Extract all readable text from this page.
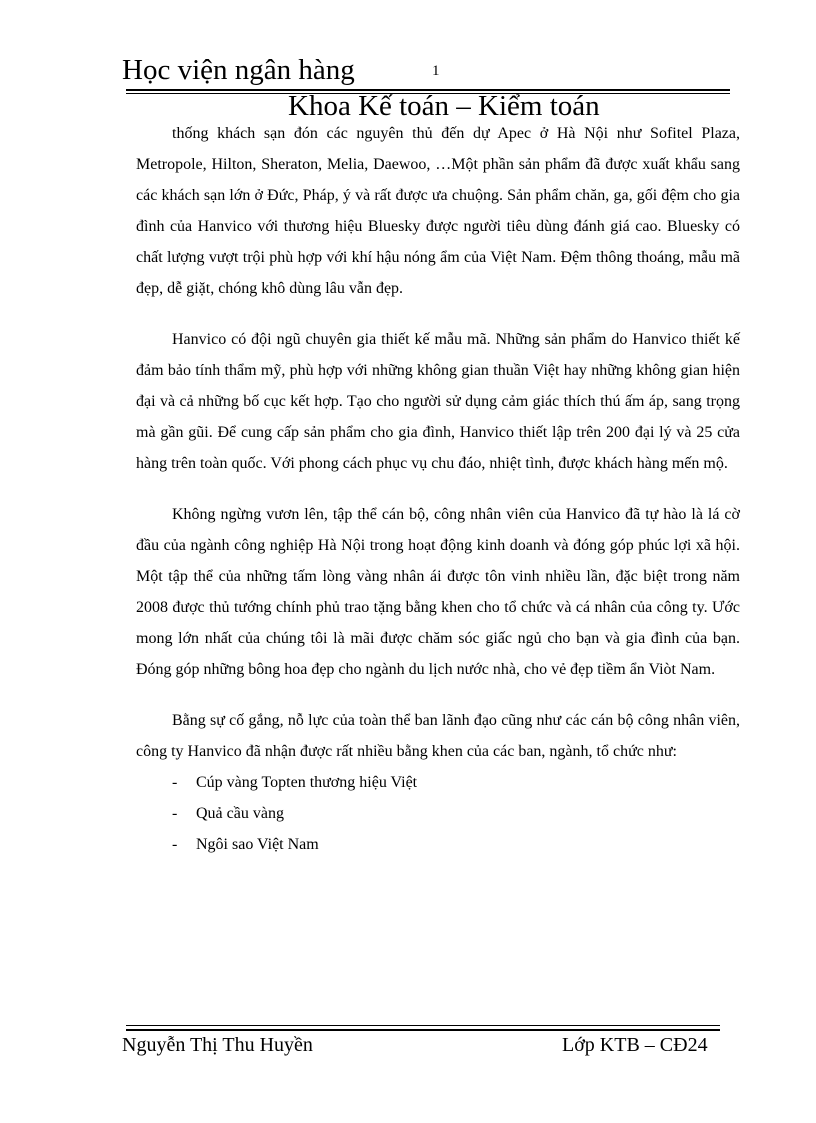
Học viện ngân hàng	1
Khoa Kế toán – Kiểm toán

thống khách sạn đón các nguyên thủ đến dự Apec ở Hà Nội như Sofitel Plaza, Metropole, Hilton, Sheraton, Melia, Daewoo, …Một phần sản phẩm đã được xuất khẩu sang các khách sạn lớn ở Đức, Pháp, ý và rất được ưa chuộng. Sản phẩm chăn, ga, gối đệm cho gia đình của Hanvico với thương hiệu Bluesky được người tiêu dùng đánh giá cao. Bluesky có chất lượng vượt trội phù hợp với khí hậu nóng ẩm của Việt Nam. Đệm thông thoáng, mẫu mã đẹp, dễ giặt, chóng khô dùng lâu vẫn đẹp.

Hanvico có đội ngũ chuyên gia thiết kế mẫu mã. Những sản phẩm do Hanvico thiết kế đảm bảo tính thẩm mỹ, phù hợp với những không gian thuần Việt hay những không gian hiện đại và cả những bố cục kết hợp. Tạo cho người sử dụng cảm giác thích thú ấm áp, sang trọng mà gần gũi. Để cung cấp sản phẩm cho gia đình, Hanvico thiết lập trên 200 đại lý và 25 cửa hàng trên toàn quốc. Với phong cách phục vụ chu đáo, nhiệt tình, được khách hàng mến mộ.

Không ngừng vươn lên, tập thể cán bộ, công nhân viên của Hanvico đã tự hào là lá cờ đầu của ngành công nghiệp Hà Nội trong hoạt động kinh doanh và đóng góp phúc lợi xã hội. Một tập thể của những tấm lòng vàng nhân ái được tôn vinh nhiều lần, đặc biệt trong năm 2008 được thủ tướng chính phủ trao tặng bằng khen cho tổ chức và cá nhân của công ty. Ước mong lớn nhất của chúng tôi là mãi được chăm sóc giấc ngủ cho bạn và gia đình của bạn. Đóng góp những bông hoa đẹp cho ngành du lịch nước nhà, cho vẻ đẹp tiềm ẩn Viòt Nam.

Bằng sự cố gắng, nỗ lực của toàn thể ban lãnh đạo cũng như các cán bộ công nhân viên, công ty Hanvico đã nhận được rất nhiều bằng khen của các ban, ngành, tổ chức như:

- Cúp vàng Topten thương hiệu Việt
- Quả cầu vàng
- Ngôi sao Việt Nam
Nguyễn Thị Thu Huyền	Lớp KTB – CĐ24
